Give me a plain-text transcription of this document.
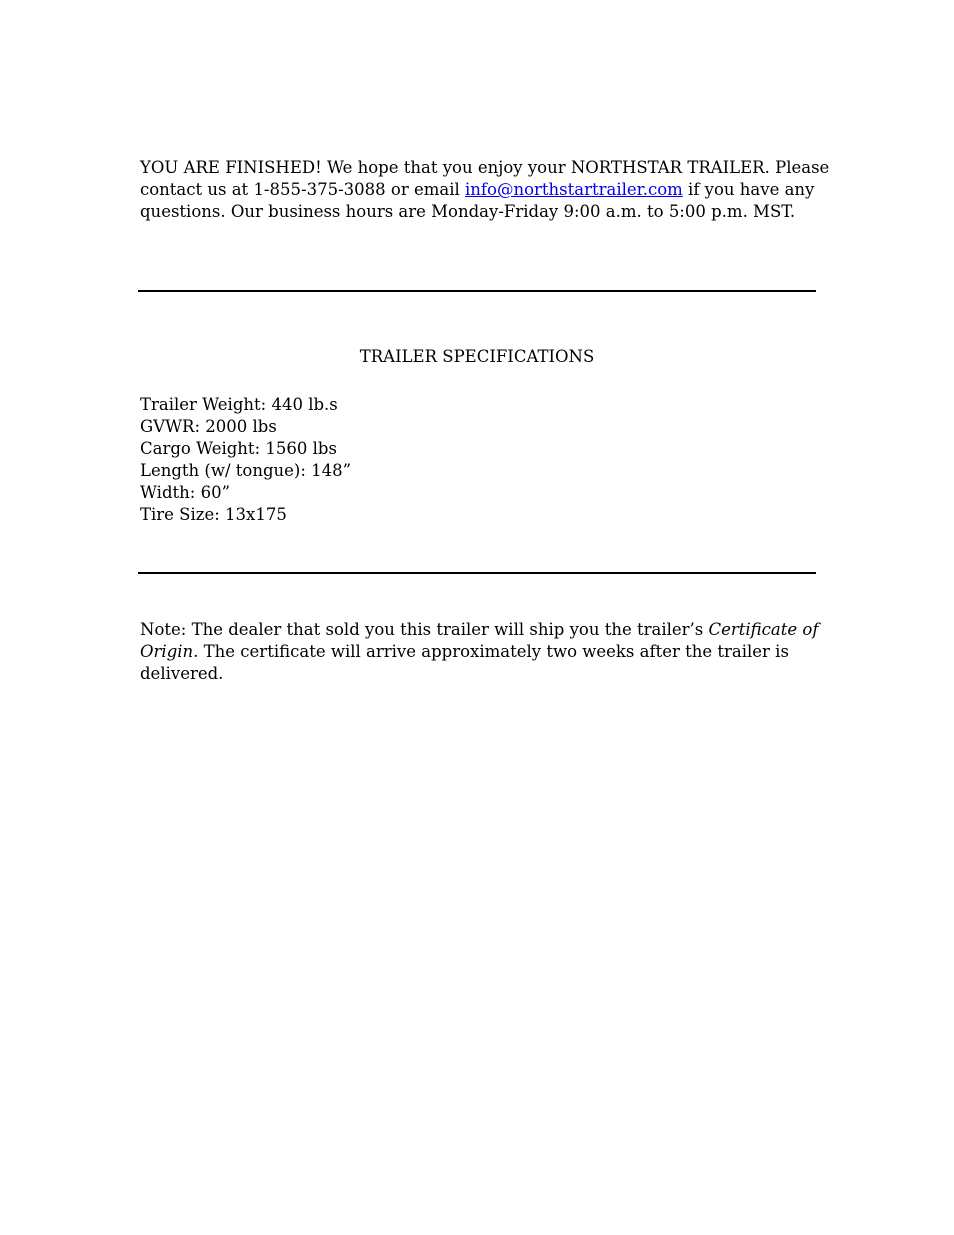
YOU ARE FINISHED! We hope that you enjoy your NORTHSTAR TRAILER. Please
contact us at 1-855-375-3088 or email info@northstartrailer.com if you have any
questions. Our business hours are Monday-Friday 9:00 a.m. to 5:00 p.m. MST.
TRAILER SPECIFICATIONS
Trailer Weight: 440 lb.s
GVWR: 2000 lbs
Cargo Weight: 1560 lbs
Length (w/ tongue): 148”
Width: 60”
Tire Size: 13x175
Note: The dealer that sold you this trailer will ship you the trailer’s Certificate of
Origin. The certificate will arrive approximately two weeks after the trailer is
delivered.
